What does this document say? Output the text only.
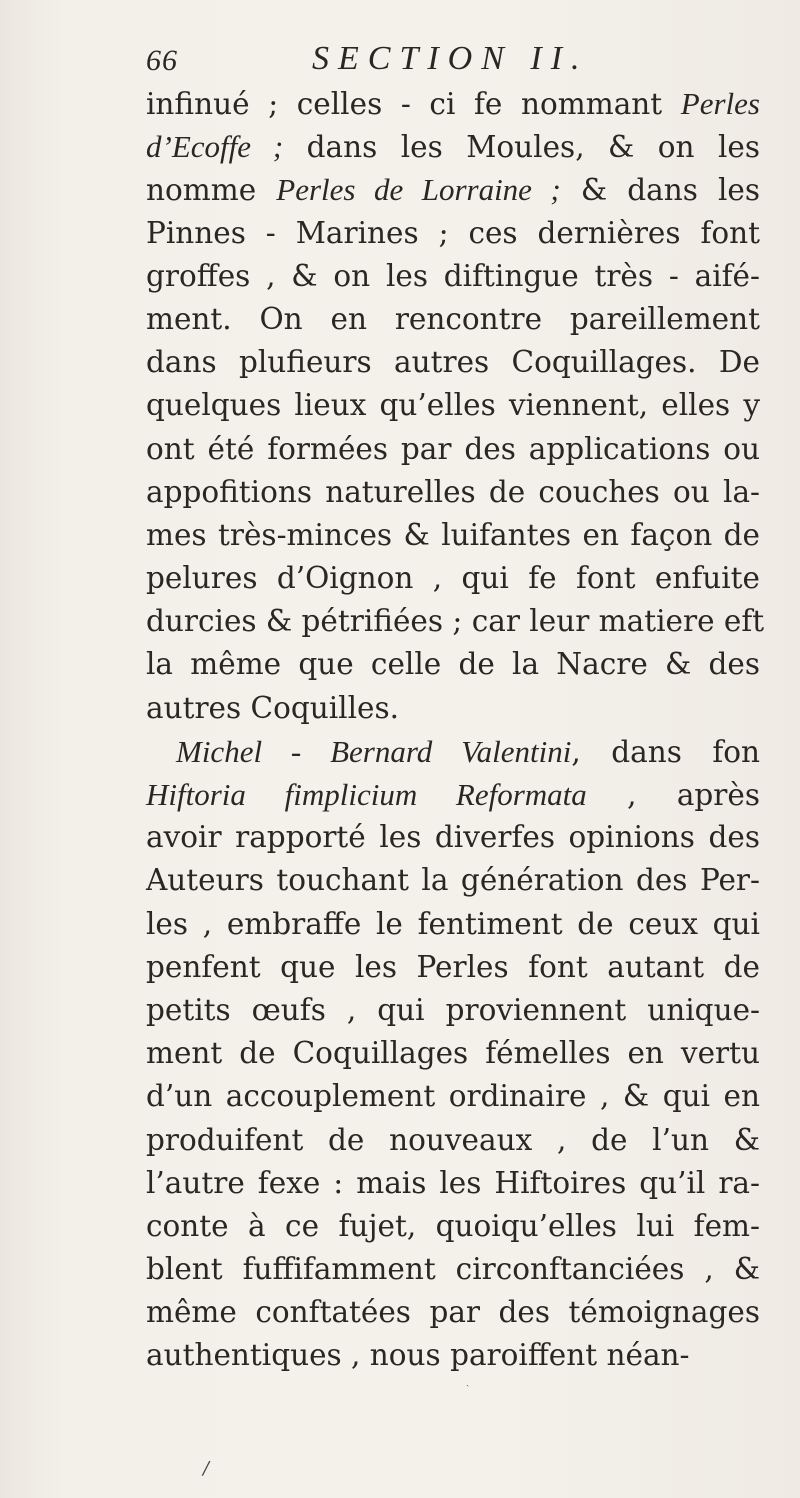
66	SECTION II.
infinué ; celles - ci fe nommant Perles
d’Ecoffe ; dans les Moules, & on les
nomme Perles de Lorraine ; & dans les
Pinnes - Marines ; ces dernières font
groffes , & on les diftingue très - aifé-
ment. On en rencontre pareillement
dans plufieurs autres Coquillages. De
quelques lieux qu’elles viennent, elles y
ont été formées par des applications ou
appofitions naturelles de couches ou la-
mes très-minces & luifantes en façon de
pelures d’Oignon , qui fe font enfuite
durcies & pétrifiées ; car leur matiere eft
la même que celle de la Nacre & des
autres Coquilles.
Michel - Bernard Valentini, dans fon
Hiftoria fimplicium Reformata , après
avoir rapporté les diverfes opinions des
Auteurs touchant la génération des Per-
les , embraffe le fentiment de ceux qui
penfent que les Perles font autant de
petits œufs , qui proviennent unique-
ment de Coquillages fémelles en vertu
d’un accouplement ordinaire , & qui en
produifent de nouveaux , de l’un &
l’autre fexe : mais les Hiftoires qu’il ra-
conte à ce fujet, quoiqu’elles lui fem-
blent fuffifamment circonftanciées , &
même conftatées par des témoignages
authentiques , nous paroiffent néan-
ˎ
/
